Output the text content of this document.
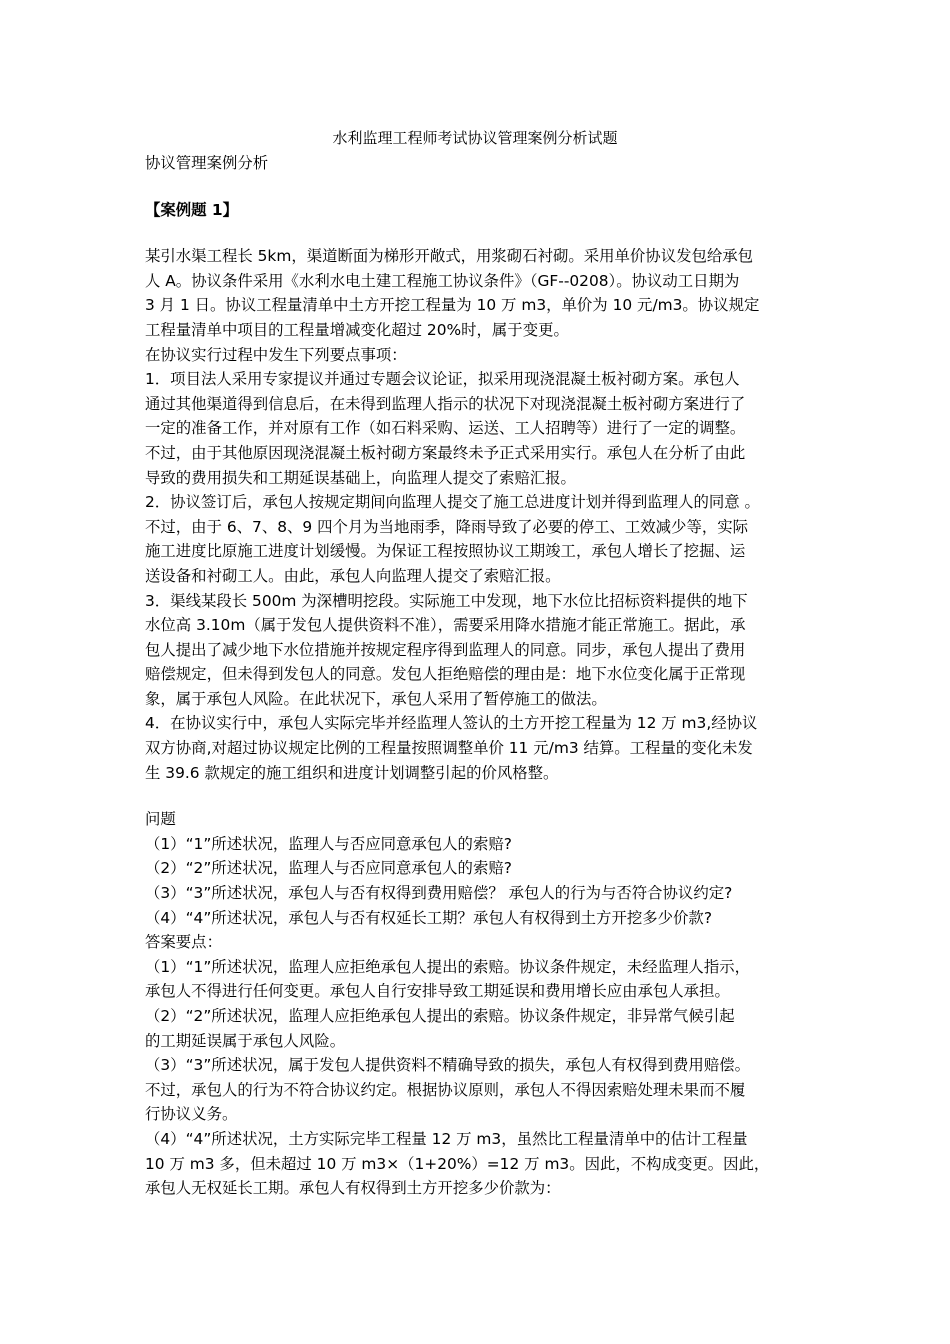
水利监理工程师考试协议管理案例分析试题

协议管理案例分析

【案例题 1】

某引水渠工程长 5km，渠道断面为梯形开敞式，用浆砌石衬砌。采用单价协议发包给承包

人 A。协议条件采用《水利水电土建工程施工协议条件》（GF--0208）。协议动工日期为

3 月 1 日。协议工程量清单中土方开挖工程量为 10 万 m3，单价为 10 元/m3。协议规定

工程量清单中项目的工程量增减变化超过 20%时，属于变更。

在协议实行过程中发生下列要点事项：

1．项目法人采用专家提议并通过专题会议论证，拟采用现浇混凝土板衬砌方案。承包人

通过其他渠道得到信息后，在未得到监理人指示的状况下对现浇混凝土板衬砌方案进行了

一定的准备工作，并对原有工作（如石料采购、运送、工人招聘等）进行了一定的调整。

不过，由于其他原因现浇混凝土板衬砌方案最终未予正式采用实行。承包人在分析了由此

导致的费用损失和工期延误基础上，向监理人提交了索赔汇报。

2．协议签订后，承包人按规定期间向监理人提交了施工总进度计划并得到监理人的同意 。

不过，由于 6、7、8、9 四个月为当地雨季，降雨导致了必要的停工、工效减少等，实际

施工进度比原施工进度计划缓慢。为保证工程按照协议工期竣工，承包人增长了挖掘、运

送设备和衬砌工人。由此，承包人向监理人提交了索赔汇报。

3．渠线某段长 500m 为深槽明挖段。实际施工中发现，地下水位比招标资料提供的地下

水位高 3.10m（属于发包人提供资料不准），需要采用降水措施才能正常施工。据此，承

包人提出了减少地下水位措施并按规定程序得到监理人的同意。同步，承包人提出了费用

赔偿规定，但未得到发包人的同意。发包人拒绝赔偿的理由是：地下水位变化属于正常现

象，属于承包人风险。在此状况下，承包人采用了暂停施工的做法。

4．在协议实行中，承包人实际完毕并经监理人签认的土方开挖工程量为 12 万 m3,经协议

双方协商,对超过协议规定比例的工程量按照调整单价 11 元/m3 结算。工程量的变化未发

生 39.6 款规定的施工组织和进度计划调整引起的价风格整。

问题

（1）“1”所述状况，监理人与否应同意承包人的索赔?

（2）“2”所述状况，监理人与否应同意承包人的索赔?

（3）“3”所述状况，承包人与否有权得到费用赔偿？ 承包人的行为与否符合协议约定?

（4）“4”所述状况，承包人与否有权延长工期？承包人有权得到土方开挖多少价款?

答案要点：

（1）“1”所述状况，监理人应拒绝承包人提出的索赔。协议条件规定，未经监理人指示，

承包人不得进行任何变更。承包人自行安排导致工期延误和费用增长应由承包人承担。

（2）“2”所述状况，监理人应拒绝承包人提出的索赔。协议条件规定，非异常气候引起

的工期延误属于承包人风险。

（3）“3”所述状况，属于发包人提供资料不精确导致的损失，承包人有权得到费用赔偿。

不过，承包人的行为不符合协议约定。根据协议原则，承包人不得因索赔处理未果而不履

行协议义务。

（4）“4”所述状况，土方实际完毕工程量 12 万 m3，虽然比工程量清单中的估计工程量

10 万 m3 多，但未超过 10 万 m3×（1+20%）=12 万 m3。因此，不构成变更。因此，

承包人无权延长工期。承包人有权得到土方开挖多少价款为：
